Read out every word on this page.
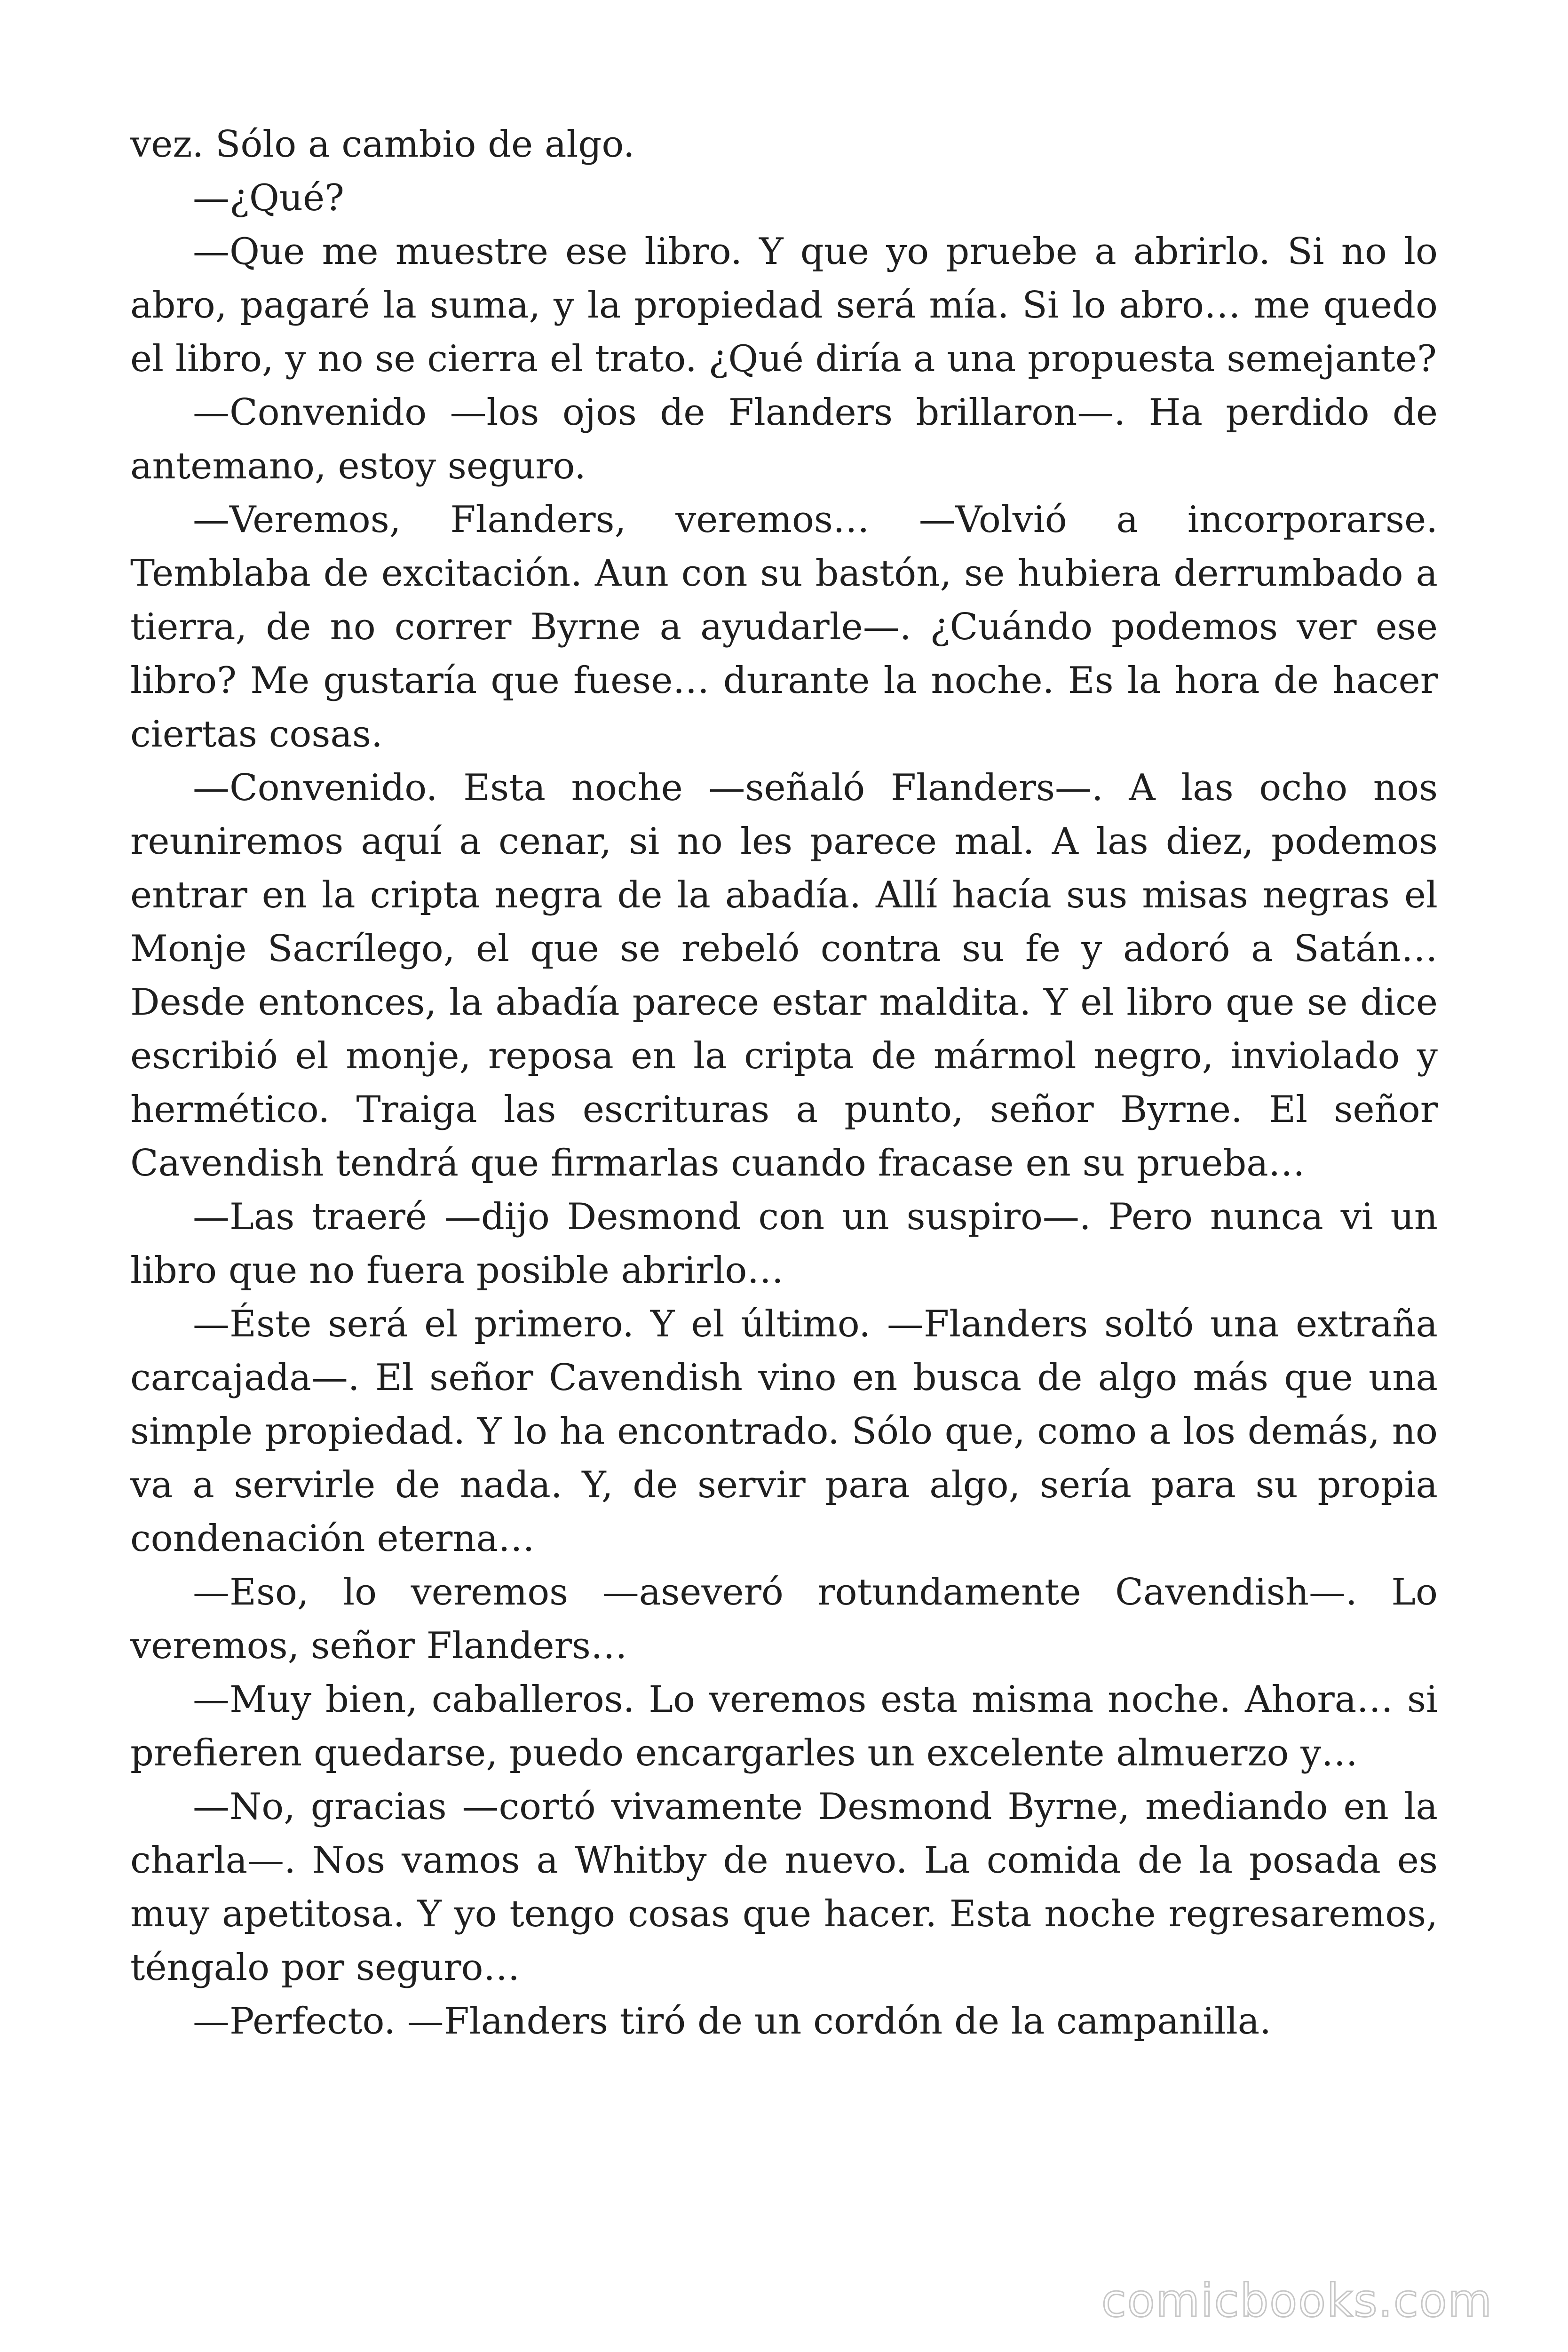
vez. Sólo a cambio de algo.

—¿Qué?

—Que me muestre ese libro. Y que yo pruebe a abrirlo. Si no lo abro, pagaré la suma, y la propiedad será mía. Si lo abro… me quedo el libro, y no se cierra el trato. ¿Qué diría a una propuesta semejante?

—Convenido —los ojos de Flanders brillaron—. Ha perdido de antemano, estoy seguro.

—Veremos, Flanders, veremos… —Volvió a incorporarse. Temblaba de excitación. Aun con su bastón, se hubiera derrumbado a tierra, de no correr Byrne a ayudarle—. ¿Cuándo podemos ver ese libro? Me gustaría que fuese… durante la noche. Es la hora de hacer ciertas cosas.

—Convenido. Esta noche —señaló Flanders—. A las ocho nos reuniremos aquí a cenar, si no les parece mal. A las diez, podemos entrar en la cripta negra de la abadía. Allí hacía sus misas negras el Monje Sacrílego, el que se rebeló contra su fe y adoró a Satán… Desde entonces, la abadía parece estar maldita. Y el libro que se dice escribió el monje, reposa en la cripta de mármol negro, inviolado y hermético. Traiga las escrituras a punto, señor Byrne. El señor Cavendish tendrá que firmarlas cuando fracase en su prueba…

—Las traeré —dijo Desmond con un suspiro—. Pero nunca vi un libro que no fuera posible abrirlo…

—Éste será el primero. Y el último. —Flanders soltó una extraña carcajada—. El señor Cavendish vino en busca de algo más que una simple propiedad. Y lo ha encontrado. Sólo que, como a los demás, no va a servirle de nada. Y, de servir para algo, sería para su propia condenación eterna…

—Eso, lo veremos —aseveró rotundamente Cavendish—. Lo veremos, señor Flanders…

—Muy bien, caballeros. Lo veremos esta misma noche. Ahora… si prefieren quedarse, puedo encargarles un excelente almuerzo y…

—No, gracias —cortó vivamente Desmond Byrne, mediando en la charla—. Nos vamos a Whitby de nuevo. La comida de la posada es muy apetitosa. Y yo tengo cosas que hacer. Esta noche regresaremos, téngalo por seguro…

—Perfecto. —Flanders tiró de un cordón de la campanilla.

comicbooks.com
